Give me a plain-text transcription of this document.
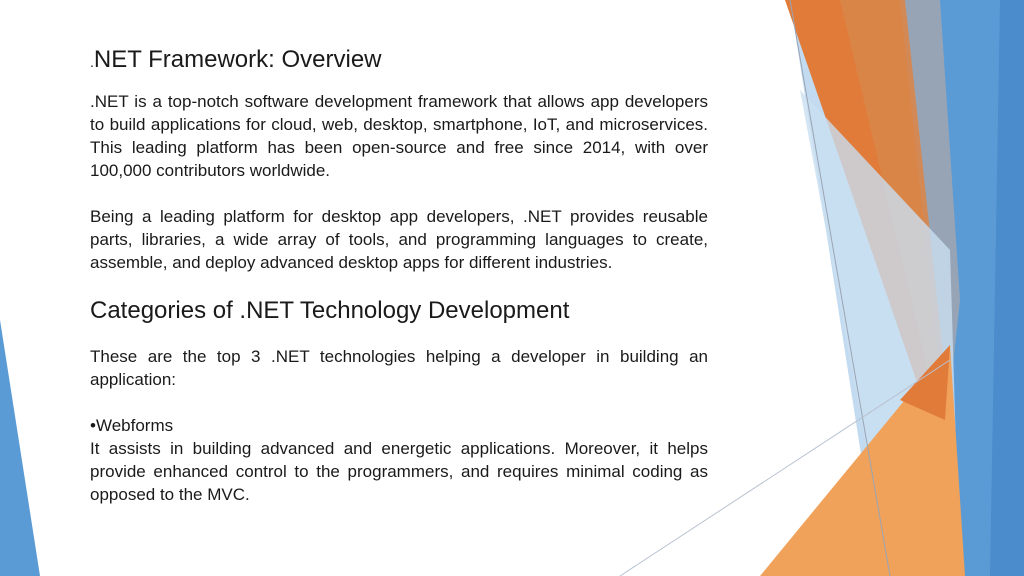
.NET Framework: Overview

.NET is a top-notch software development framework that allows app developers to build applications for cloud, web, desktop, smartphone, IoT, and microservices. This leading platform has been open-source and free since 2014, with over 100,000 contributors worldwide.

Being a leading platform for desktop app developers, .NET provides reusable parts, libraries, a wide array of tools, and programming languages to create, assemble, and deploy advanced desktop apps for different industries.

Categories of .NET Technology Development

These are the top 3 .NET technologies helping a developer in building an application:

•Webforms

It assists in building advanced and energetic applications. Moreover, it helps provide enhanced control to the programmers, and requires minimal coding as opposed to the MVC.
